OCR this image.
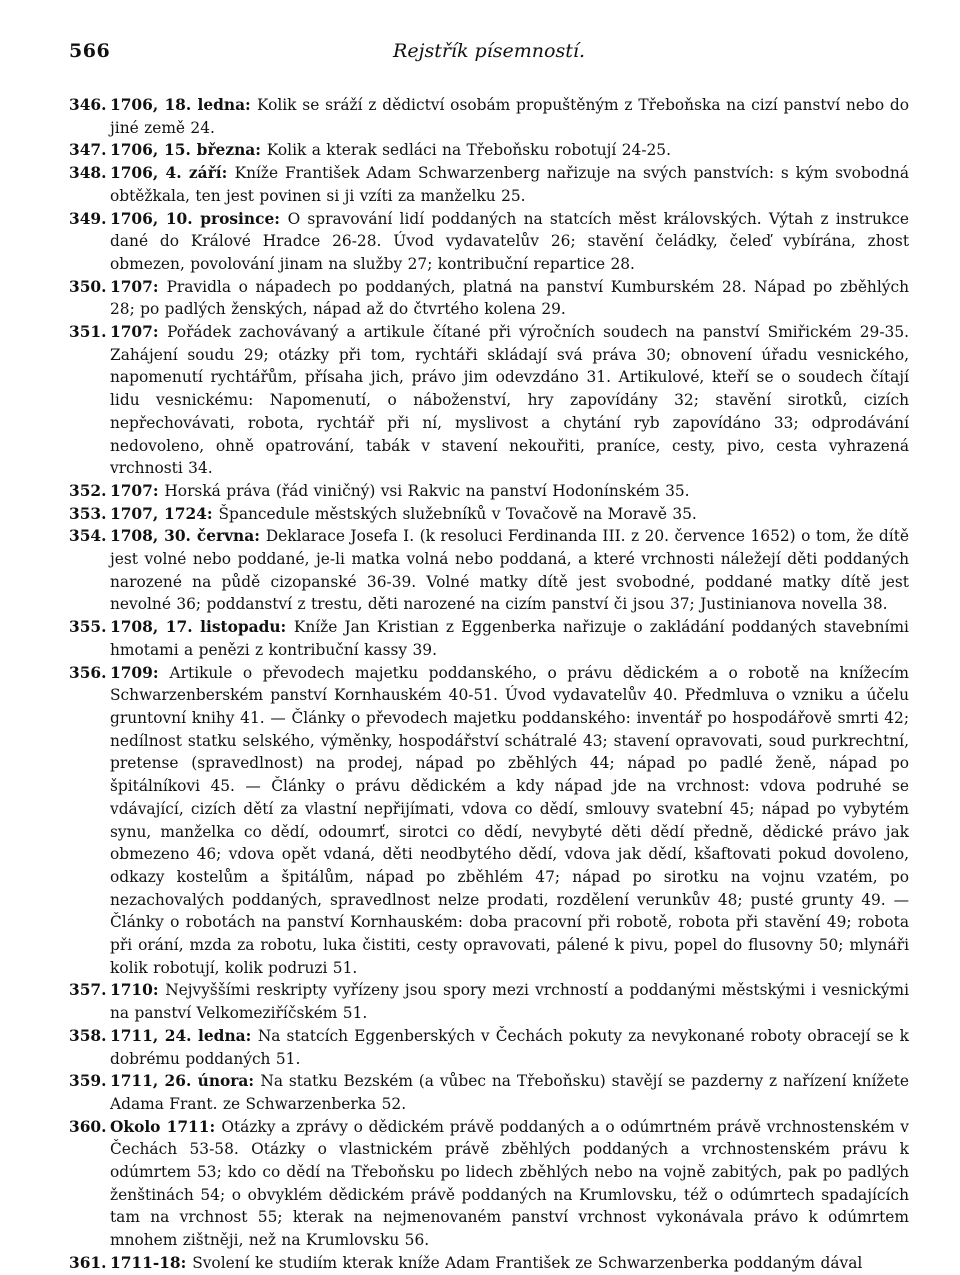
566	Rejstřík písemností.
346. 1706, 18. ledna: Kolik se sráží z dědictví osobám propuštěným z Třeboňska na cizí panství nebo do jiné země 24.
347. 1706, 15. března: Kolik a kterak sedláci na Třeboňsku robotují 24-25.
348. 1706, 4. září: Kníže František Adam Schwarzenberg nařizuje na svých panstvích: s kým svobodná obtěžkala, ten jest povinen si ji vzíti za manželku 25.
349. 1706, 10. prosince: O spravování lidí poddaných na statcích měst královských. Výtah z instrukce dané do Králové Hradce 26-28. Úvod vydavatelův 26; stavění čeládky, čeleď vybírána, zhost obmezen, povolování jinam na služby 27; kontribuční repartice 28.
350. 1707: Pravidla o nápadech po poddaných, platná na panství Kumburském 28. Nápad po zběhlých 28; po padlých ženských, nápad až do čtvrtého kolena 29.
351. 1707: Pořádek zachovávaný a artikule čítané při výročních soudech na panství Smiřickém 29-35. Zahájení soudu 29; otázky při tom, rychtáři skládají svá práva 30; obnovení úřadu vesnického, napomenutí rychtářům, přísaha jich, právo jim odevzdáno 31. Artikulové, kteří se o soudech čítají lidu vesnickému: Napomenutí, o náboženství, hry zapovídány 32; stavění sirotků, cizích nepřechovávati, robota, rychtář při ní, myslivost a chytání ryb zapovídáno 33; odprodávání nedovoleno, ohně opatrování, tabák v stavení nekouřiti, praníce, cesty, pivo, cesta vyhrazená vrchnosti 34.
352. 1707: Horská práva (řád viničný) vsi Rakvic na panství Hodonínském 35.
353. 1707, 1724: Špancedule městských služebníků v Tovačově na Moravě 35.
354. 1708, 30. června: Deklarace Josefa I. (k resoluci Ferdinanda III. z 20. července 1652) o tom, že dítě jest volné nebo poddané, je-li matka volná nebo poddaná, a které vrchnosti náležejí děti poddaných narozené na půdě cizopanské 36-39. Volné matky dítě jest svobodné, poddané matky dítě jest nevolné 36; poddanství z trestu, děti narozené na cizím panství či jsou 37; Justinianova novella 38.
355. 1708, 17. listopadu: Kníže Jan Kristian z Eggenberka nařizuje o zakládání poddaných stavebními hmotami a penězi z kontribuční kassy 39.
356. 1709: Artikule o převodech majetku poddanského, o právu dědickém a o robotě na knížecím Schwarzenberském panství Kornhauském 40-51. Úvod vydavatelův 40. Předmluva o vzniku a účelu gruntovní knihy 41. — Články o převodech majetku poddanského: inventář po hospodářově smrti 42; nedílnost statku selského, výměnky, hospodářství schátralé 43; stavení opravovati, soud purkrechtní, pretense (spravedlnost) na prodej, nápad po zběhlých 44; nápad po padlé ženě, nápad po špitálníkovi 45. — Články o právu dědickém a kdy nápad jde na vrchnost: vdova podruhé se vdávající, cizích dětí za vlastní nepřijímati, vdova co dědí, smlouvy svatební 45; nápad po vybytém synu, manželka co dědí, odoumrť, sirotci co dědí, nevybyté děti dědí předně, dědické právo jak obmezeno 46; vdova opět vdaná, děti neodbytého dědí, vdova jak dědí, kšaftovati pokud dovoleno, odkazy kostelům a špitálům, nápad po zběhlém 47; nápad po sirotku na vojnu vzatém, po nezachovalých poddaných, spravedlnost nelze prodati, rozdělení verunkův 48; pusté grunty 49. — Články o robotách na panství Kornhauském: doba pracovní při robotě, robota při stavění 49; robota při orání, mzda za robotu, luka čistiti, cesty opravovati, pálené k pivu, popel do flusovny 50; mlynáři kolik robotují, kolik podruzi 51.
357. 1710: Nejvyššími reskripty vyřízeny jsou spory mezi vrchností a poddanými městskými i vesnickými na panství Velkomeziříčském 51.
358. 1711, 24. ledna: Na statcích Eggenberských v Čechách pokuty za nevykonané roboty obracejí se k dobrému poddaných 51.
359. 1711, 26. února: Na statku Bezském (a vůbec na Třeboňsku) stavějí se pazderny z nařízení knížete Adama Frant. ze Schwarzenberka 52.
360. Okolo 1711: Otázky a zprávy o dědickém právě poddaných a o odúmrtném právě vrchnostenském v Čechách 53-58. Otázky o vlastnickém právě zběhlých poddaných a vrchnostenském právu k odúmrtem 53; kdo co dědí na Třeboňsku po lidech zběhlých nebo na vojně zabitých, pak po padlých ženštinách 54; o obvyklém dědickém právě poddaných na Krumlovsku, též o odúmrtech spadajících tam na vrchnost 55; kterak na nejmenovaném panství vrchnost vykonávala právo k odúmrtem mnohem zištněji, než na Krumlovsku 56.
361. 1711-18: Svolení ke studiím kterak kníže Adam František ze Schwarzenberka poddaným dával
